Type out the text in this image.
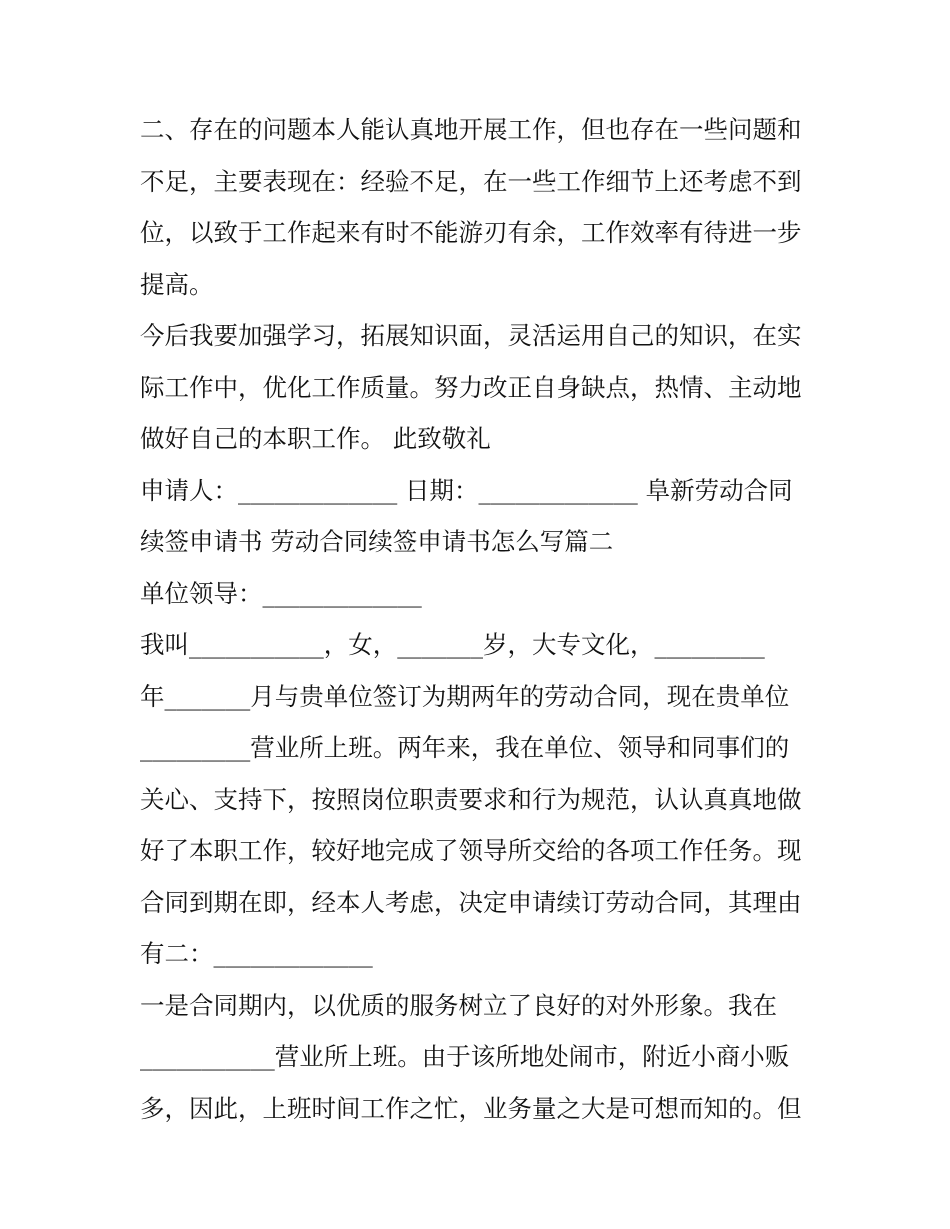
二、存在的问题本人能认真地开展工作，但也存在一些问题和
不足，主要表现在：经验不足，在一些工作细节上还考虑不到
位，以致于工作起来有时不能游刃有余，工作效率有待进一步
提高。
今后我要加强学习，拓展知识面，灵活运用自己的知识，在实
际工作中，优化工作质量。努力改正自身缺点，热情、主动地
做好自己的本职工作。 此致敬礼
申请人：_____________ 日期：_____________ 阜新劳动合同
续签申请书 劳动合同续签申请书怎么写篇二
单位领导：_____________
我叫___________，女，_______岁，大专文化，_________
年_______月与贵单位签订为期两年的劳动合同，现在贵单位
_________营业所上班。两年来，我在单位、领导和同事们的
关心、支持下，按照岗位职责要求和行为规范，认认真真地做
好了本职工作，较好地完成了领导所交给的各项工作任务。现
合同到期在即，经本人考虑，决定申请续订劳动合同，其理由
有二：_____________
一是合同期内，以优质的服务树立了良好的对外形象。我在
___________营业所上班。由于该所地处闹市，附近小商小贩
多，因此，上班时间工作之忙，业务量之大是可想而知的。但
